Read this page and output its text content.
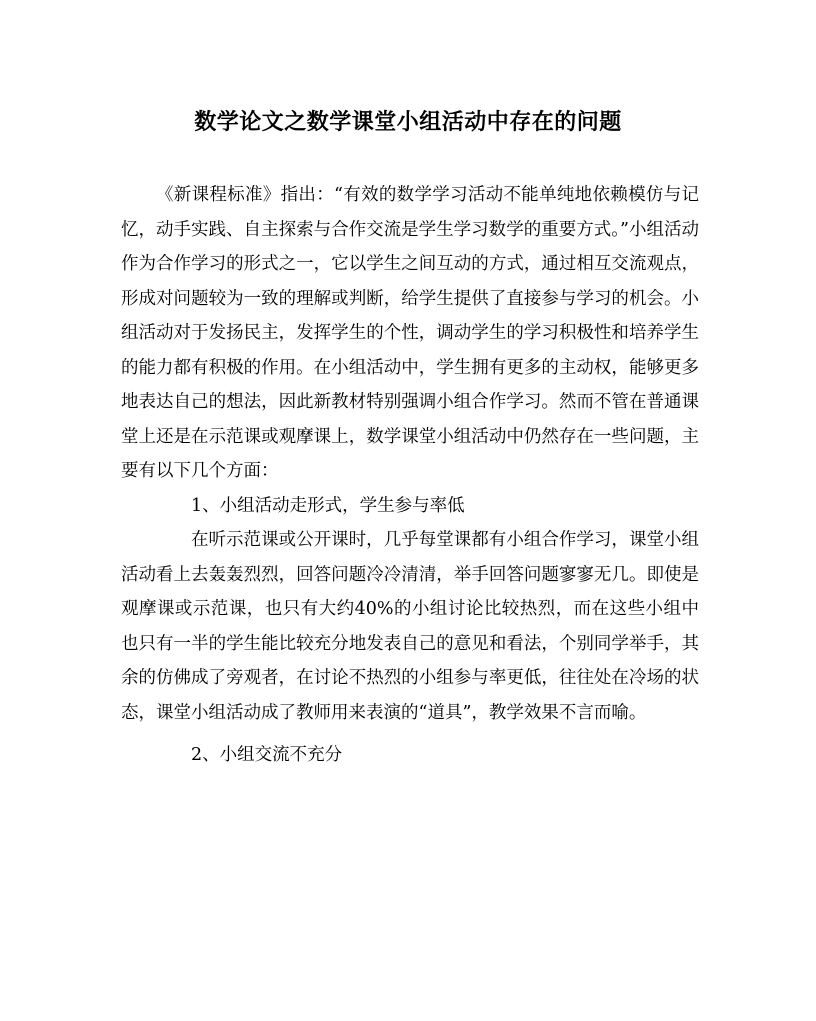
数学论文之数学课堂小组活动中存在的问题

《新课程标准》指出：“有效的数学学习活动不能单纯地依赖模仿与记忆，动手实践、自主探索与合作交流是学生学习数学的重要方式。”小组活动作为合作学习的形式之一，它以学生之间互动的方式，通过相互交流观点，形成对问题较为一致的理解或判断，给学生提供了直接参与学习的机会。小组活动对于发扬民主，发挥学生的个性，调动学生的学习积极性和培养学生的能力都有积极的作用。在小组活动中，学生拥有更多的主动权，能够更多地表达自己的想法，因此新教材特别强调小组合作学习。然而不管在普通课堂上还是在示范课或观摩课上，数学课堂小组活动中仍然存在一些问题，主要有以下几个方面：

1、小组活动走形式，学生参与率低

在听示范课或公开课时，几乎每堂课都有小组合作学习，课堂小组活动看上去轰轰烈烈，回答问题冷冷清清，举手回答问题寥寥无几。即使是观摩课或示范课，也只有大约40%的小组讨论比较热烈，而在这些小组中也只有一半的学生能比较充分地发表自己的意见和看法，个别同学举手，其余的仿佛成了旁观者，在讨论不热烈的小组参与率更低，往往处在冷场的状态，课堂小组活动成了教师用来表演的“道具”，教学效果不言而喻。

2、小组交流不充分
